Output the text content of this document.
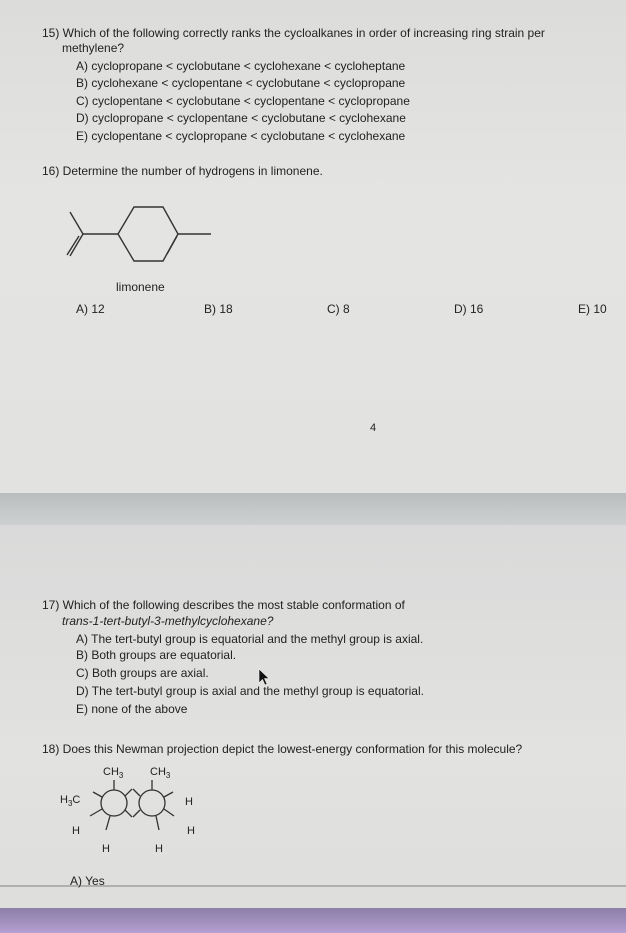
15) Which of the following correctly ranks the cycloalkanes in order of increasing ring strain per
methylene?
A) cyclopropane < cyclobutane < cyclohexane < cycloheptane
B) cyclohexane < cyclopentane < cyclobutane < cyclopropane
C) cyclopentane < cyclobutane < cyclopentane < cyclopropane
D) cyclopropane < cyclopentane < cyclobutane < cyclohexane
E) cyclopentane < cyclopropane < cyclobutane < cyclohexane
16) Determine the number of hydrogens in limonene.
limonene
A) 12	B) 18	C) 8	D) 16	E) 10
4
17) Which of the following describes the most stable conformation of
trans-1-tert-butyl-3-methylcyclohexane?
A) The tert-butyl group is equatorial and the methyl group is axial.
B) Both groups are equatorial.
C) Both groups are axial.
D) The tert-butyl group is axial and the methyl group is equatorial.
E) none of the above
18) Does this Newman projection depict the lowest-energy conformation for this molecule?
$CH_3$ $CH_3$
$H_3C$	H
H	H
H	H
A) Yes
